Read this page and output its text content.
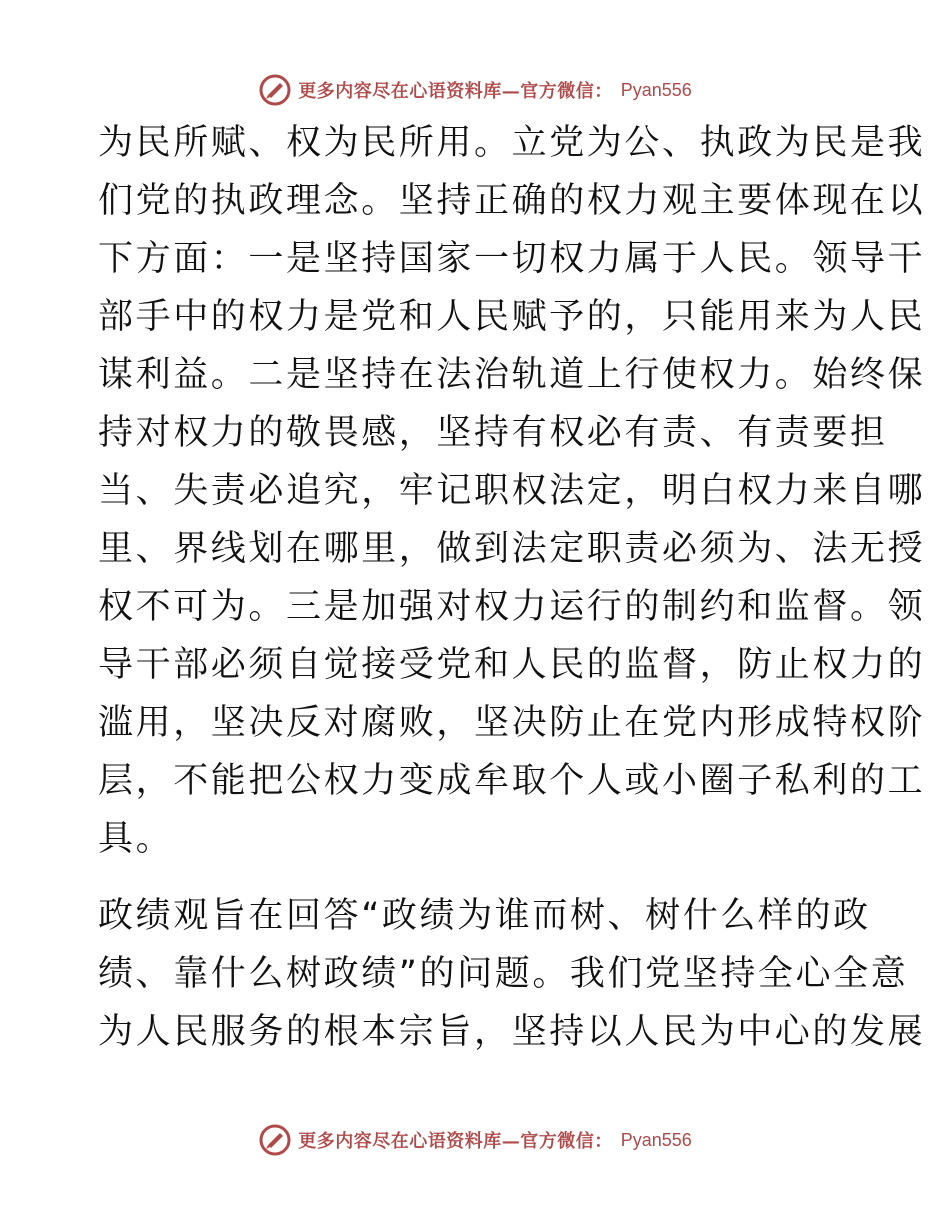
更多内容尽在心语资料库—官方微信： Pyan556
为民所赋、权为民所用。立党为公、执政为民是我
们党的执政理念。坚持正确的权力观主要体现在以
下方面：一是坚持国家一切权力属于人民。领导干
部手中的权力是党和人民赋予的，只能用来为人民
谋利益。二是坚持在法治轨道上行使权力。始终保
持对权力的敬畏感，坚持有权必有责、有责要担
当、失责必追究，牢记职权法定，明白权力来自哪
里、界线划在哪里，做到法定职责必须为、法无授
权不可为。三是加强对权力运行的制约和监督。领
导干部必须自觉接受党和人民的监督，防止权力的
滥用，坚决反对腐败，坚决防止在党内形成特权阶
层，不能把公权力变成牟取个人或小圈子私利的工
具。
政绩观旨在回答“政绩为谁而树、树什么样的政
绩、靠什么树政绩”的问题。我们党坚持全心全意
为人民服务的根本宗旨，坚持以人民为中心的发展
更多内容尽在心语资料库—官方微信： Pyan556
